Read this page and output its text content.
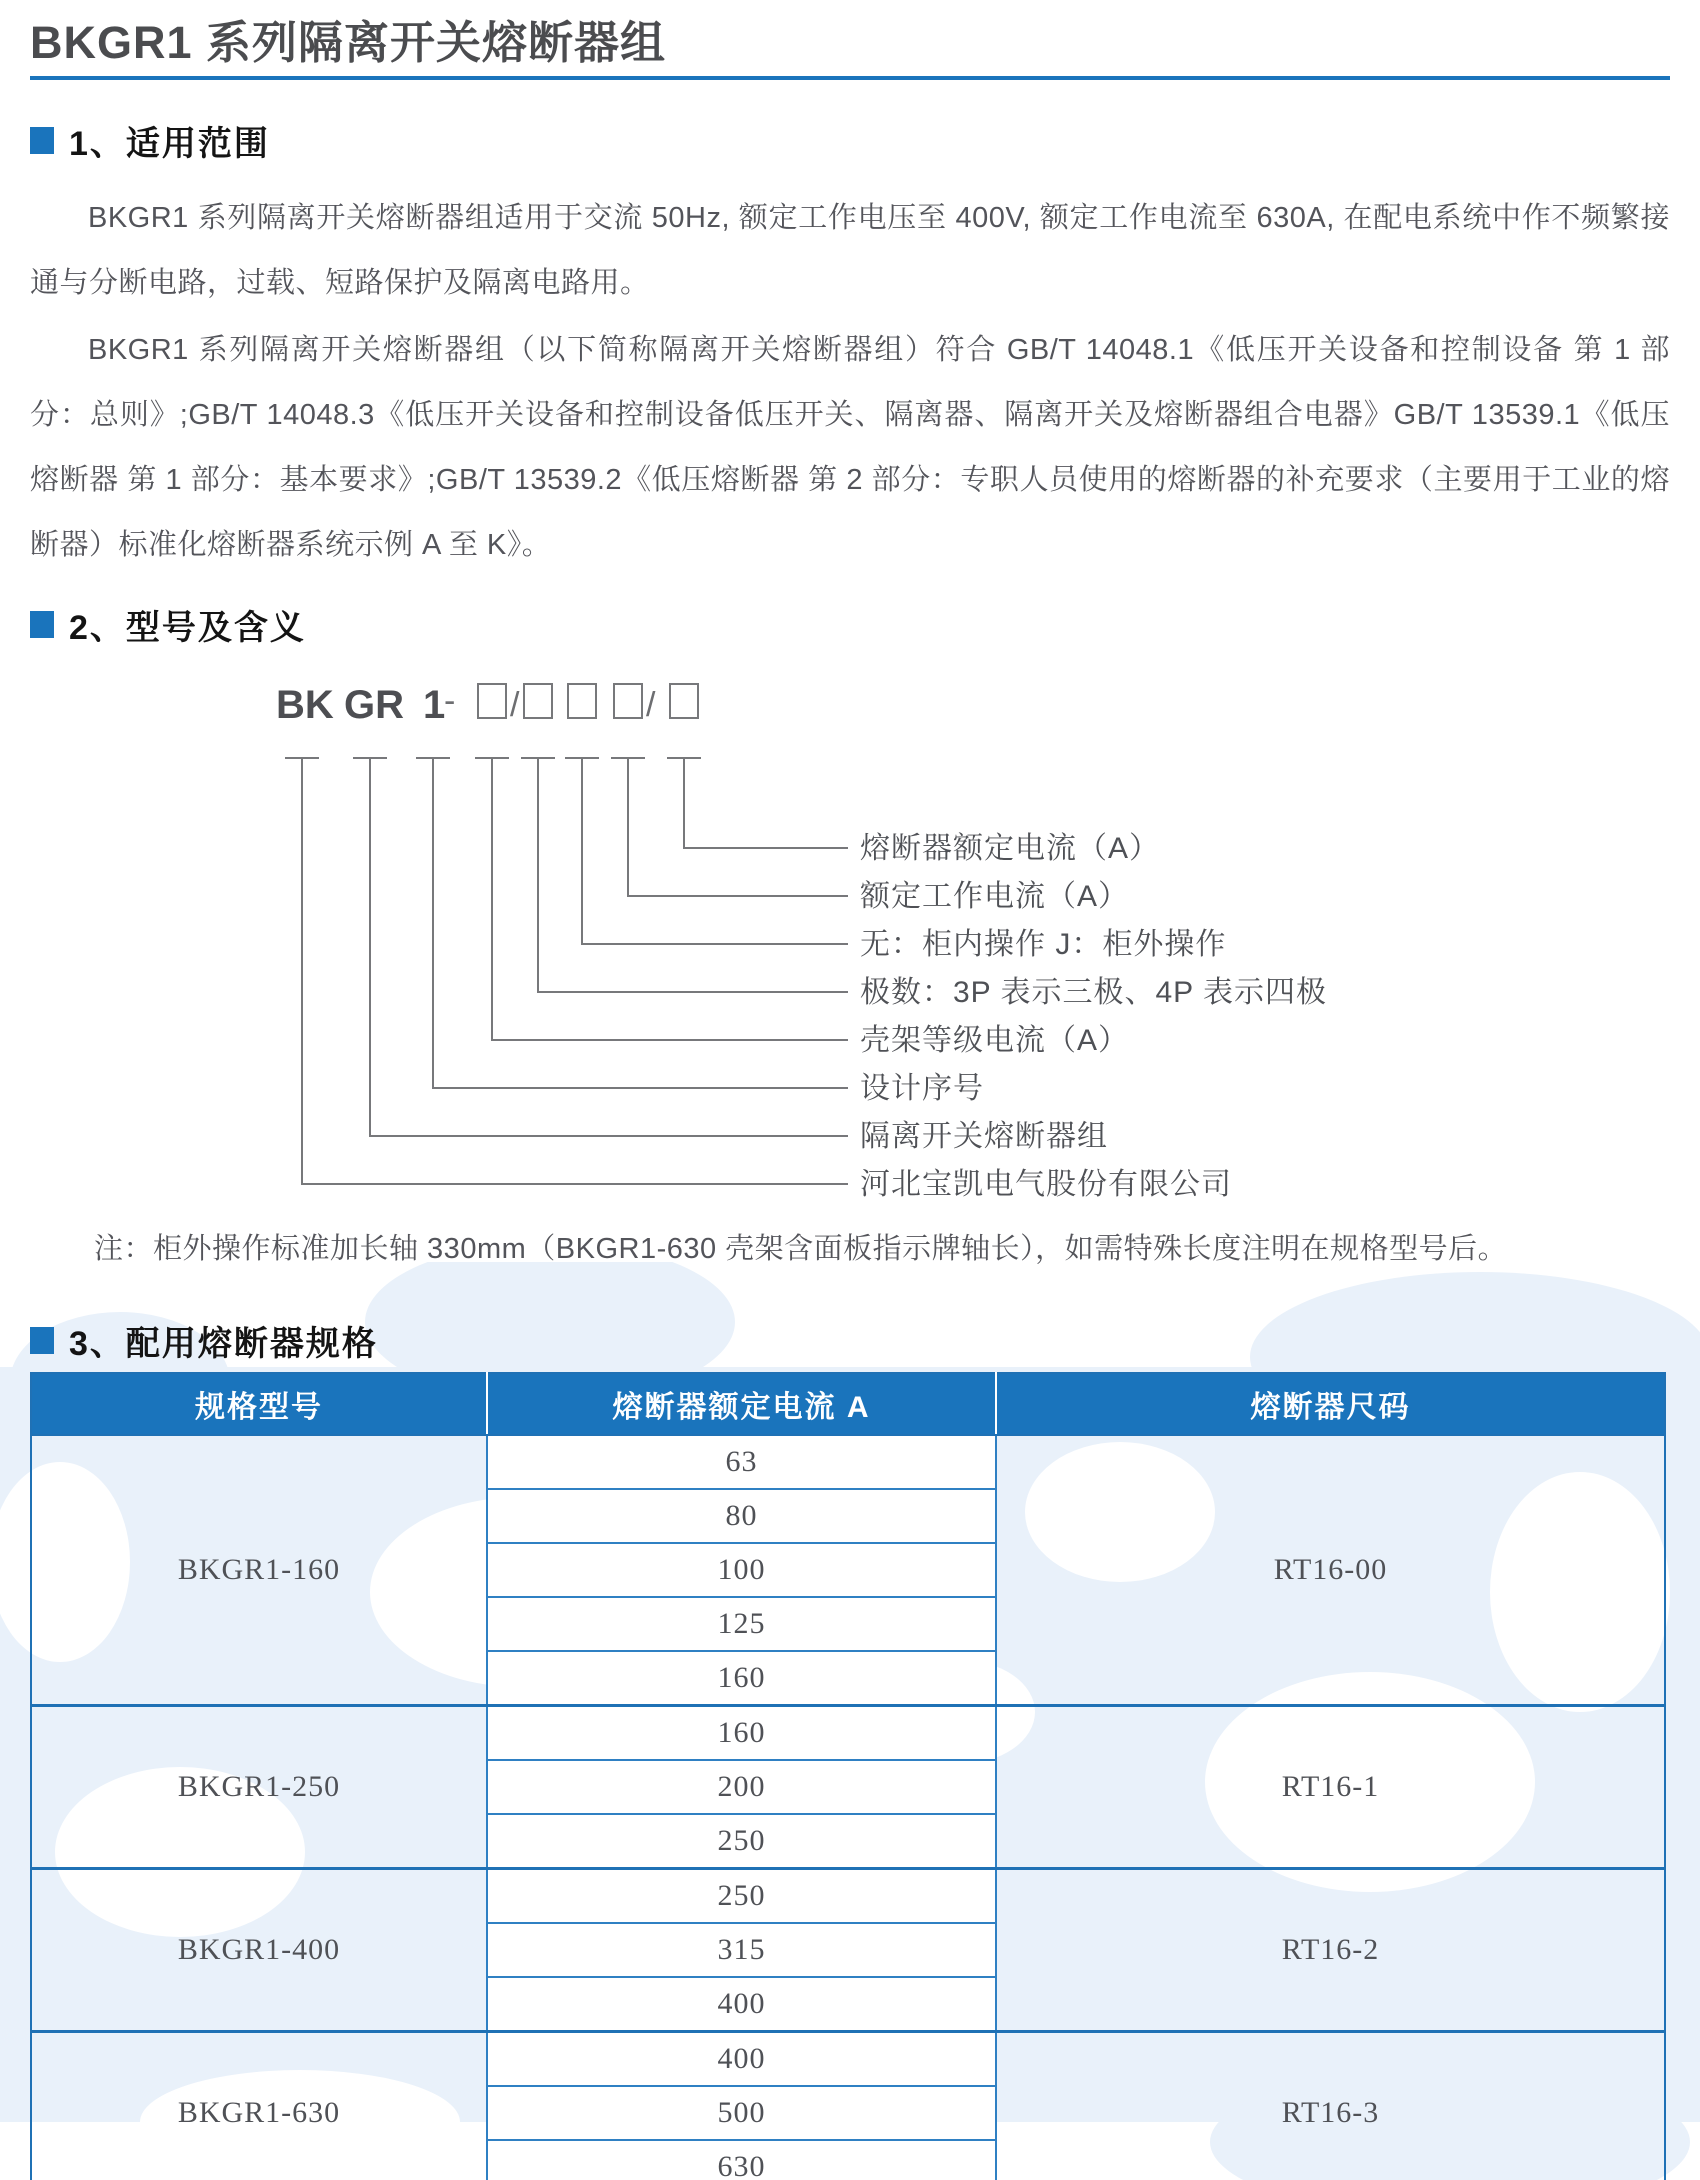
BKGR1 系列隔离开关熔断器组
1、适用范围

BKGR1 系列隔离开关熔断器组适用于交流 50Hz, 额定工作电压至 400V, 额定工作电流至 630A, 在配电系统中作不频繁接通与分断电路，过载、短路保护及隔离电路用。

BKGR1 系列隔离开关熔断器组（以下简称隔离开关熔断器组）符合 GB/T 14048.1《低压开关设备和控制设备 第 1 部分：总则》;GB/T 14048.3《低压开关设备和控制设备低压开关、隔离器、隔离开关及熔断器组合电器》GB/T 13539.1《低压熔断器 第 1 部分：基本要求》;GB/T 13539.2《低压熔断器 第 2 部分：专职人员使用的熔断器的补充要求（主要用于工业的熔断器）标准化熔断器系统示例 A 至 K》。

2、型号及含义
BK GR 1
- /	/
熔断器额定电流（A）
额定工作电流（A）
无：柜内操作 J：柜外操作
极数：3P 表示三极、4P 表示四极
壳架等级电流（A）
设计序号
隔离开关熔断器组
河北宝凯电气股份有限公司

注：柜外操作标准加长轴 330mm（BKGR1-630 壳架含面板指示牌轴长），如需特殊长度注明在规格型号后。

3、配用熔断器规格
规格型号	熔断器额定电流 A	熔断器尺码
BKGR1-160	63	RT16-00
	80	
	100	
	125	
	160	
BKGR1-250	160	RT16-1
	200	
	250	
BKGR1-400	250	RT16-2
	315	
	400	
BKGR1-630	400	RT16-3
	500	
	630	
